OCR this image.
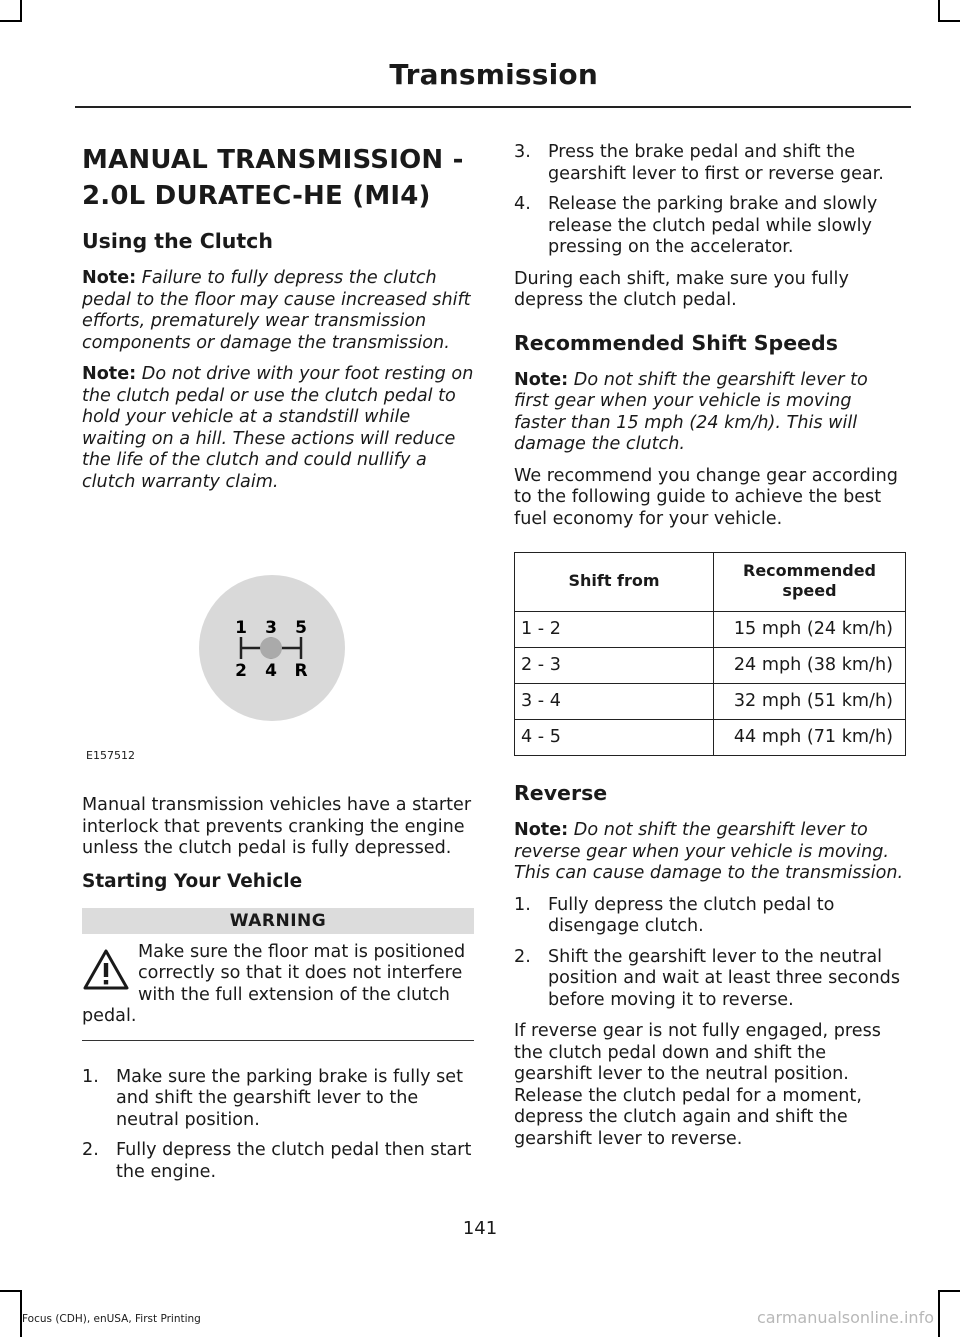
Transmission
MANUAL TRANSMISSION -
2.0L DURATEC-HE (MI4)
Using the Clutch

Note: Failure to fully depress the clutch pedal to the floor may cause increased shift efforts, prematurely wear transmission components or damage the transmission.

Note: Do not drive with your foot resting on the clutch pedal or use the clutch pedal to hold your vehicle at a standstill while waiting on a hill. These actions will reduce the life of the clutch and could nullify a clutch warranty claim.

1 3 5
2 4 R
E157512

Manual transmission vehicles have a starter interlock that prevents cranking the engine unless the clutch pedal is fully depressed.

Starting Your Vehicle
WARNING
Make sure the floor mat is positioned correctly so that it does not interfere with the full extension of the clutch pedal.
1. Make sure the parking brake is fully set and shift the gearshift lever to the neutral position.
2. Fully depress the clutch pedal then start the engine.
3. Press the brake pedal and shift the gearshift lever to first or reverse gear.
4. Release the parking brake and slowly release the clutch pedal while slowly pressing on the accelerator.

During each shift, make sure you fully depress the clutch pedal.

Recommended Shift Speeds

Note: Do not shift the gearshift lever to first gear when your vehicle is moving faster than 15 mph (24 km/h). This will damage the clutch.

We recommend you change gear according to the following guide to achieve the best fuel economy for your vehicle.

Shift from	Recommended speed
1 - 2	15 mph (24 km/h)
2 - 3	24 mph (38 km/h)
3 - 4	32 mph (51 km/h)
4 - 5	44 mph (71 km/h)
Reverse

Note: Do not shift the gearshift lever to reverse gear when your vehicle is moving. This can cause damage to the transmission.

1. Fully depress the clutch pedal to disengage clutch.
2. Shift the gearshift lever to the neutral position and wait at least three seconds before moving it to reverse.

If reverse gear is not fully engaged, press the clutch pedal down and shift the gearshift lever to the neutral position. Release the clutch pedal for a moment, depress the clutch again and shift the gearshift lever to reverse.

141
Focus (CDH), enUSA, First Printing	carmanualsonline.info
